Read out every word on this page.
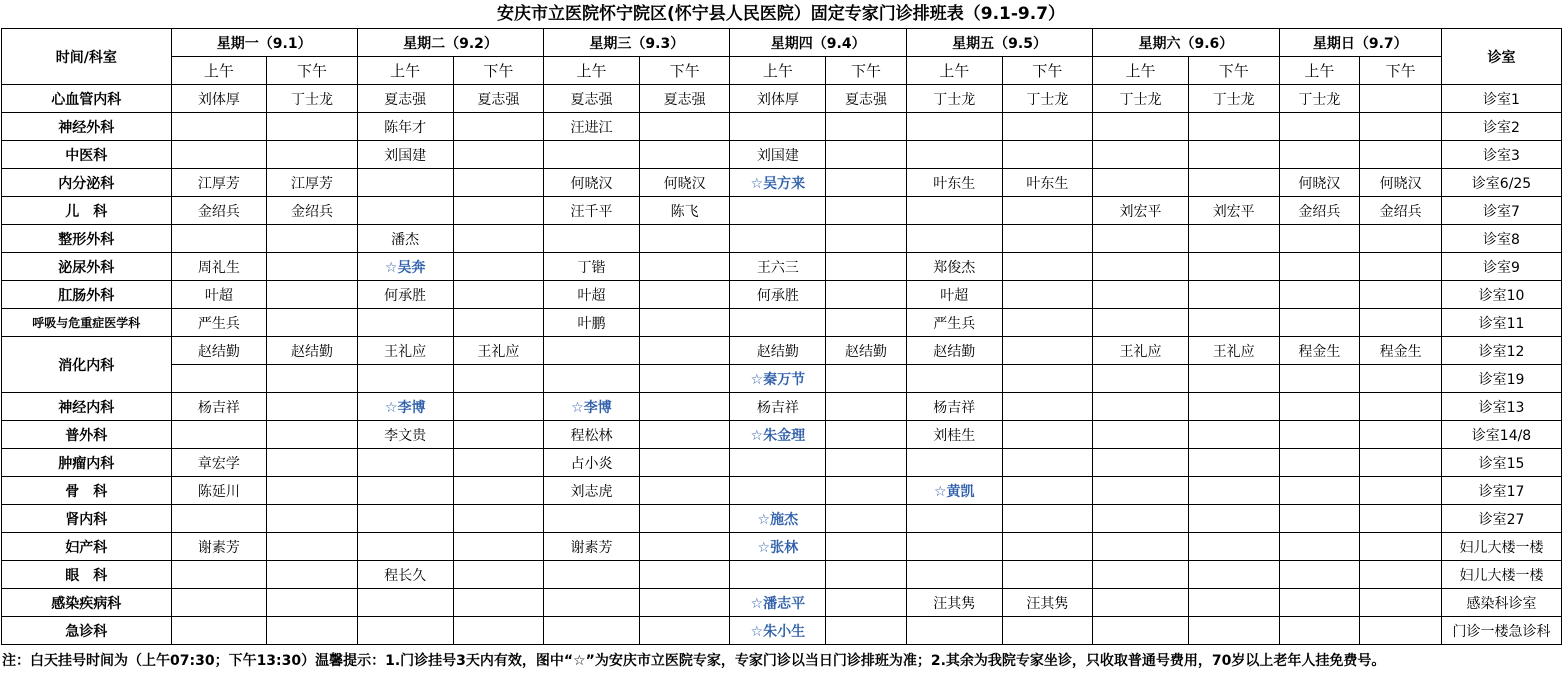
安庆市立医院怀宁院区(怀宁县人民医院）固定专家门诊排班表（9.1-9.7）
时间/科室	星期一（9.1）		星期二（9.2）		星期三（9.3）		星期四（9.4）		星期五（9.5）		星期六（9.6）		星期日（9.7）		诊室
	上午	下午	上午	下午	上午	下午	上午	下午	上午	下午	上午	下午	上午	下午	
心血管内科	刘体厚	丁士龙	夏志强	夏志强	夏志强	夏志强	刘体厚	夏志强	丁士龙	丁士龙	丁士龙	丁士龙	丁士龙		诊室1
神经外科			陈年才		汪进江										诊室2
中医科			刘国建				刘国建								诊室3
内分泌科	江厚芳	江厚芳			何晓汉	何晓汉	☆吴方来		叶东生	叶东生			何晓汉	何晓汉	诊室6/25
儿　科	金绍兵	金绍兵			汪千平	陈飞					刘宏平	刘宏平	金绍兵	金绍兵	诊室7
整形外科			潘杰												诊室8
泌尿外科	周礼生		☆吴奔		丁锴		王六三		郑俊杰						诊室9
肛肠外科	叶超		何承胜		叶超		何承胜		叶超						诊室10
呼吸与危重症医学科	严生兵				叶鹏				严生兵						诊室11
消化内科	赵结勤	赵结勤	王礼应	王礼应			赵结勤	赵结勤	赵结勤		王礼应	王礼应	程金生	程金生	诊室12
							☆秦万节								诊室19
神经内科	杨吉祥		☆李博		☆李博		杨吉祥		杨吉祥						诊室13
普外科			李文贵		程松林		☆朱金理		刘桂生						诊室14/8
肿瘤内科	章宏学				占小炎										诊室15
骨　科	陈延川				刘志虎				☆黄凯						诊室17
肾内科							☆施杰								诊室27
妇产科	谢素芳				谢素芳		☆张林								妇儿大楼一楼
眼　科			程长久												妇儿大楼一楼
感染疾病科							☆潘志平		汪其隽	汪其隽					感染科诊室
急诊科							☆朱小生								门诊一楼急诊科
注：白天挂号时间为（上午07:30；下午13:30）温馨提示：1.门诊挂号3天内有效，图中“☆”为安庆市立医院专家，专家门诊以当日门诊排班为准；2.其余为我院专家坐诊，只收取普通号费用，70岁以上老年人挂免费号。
